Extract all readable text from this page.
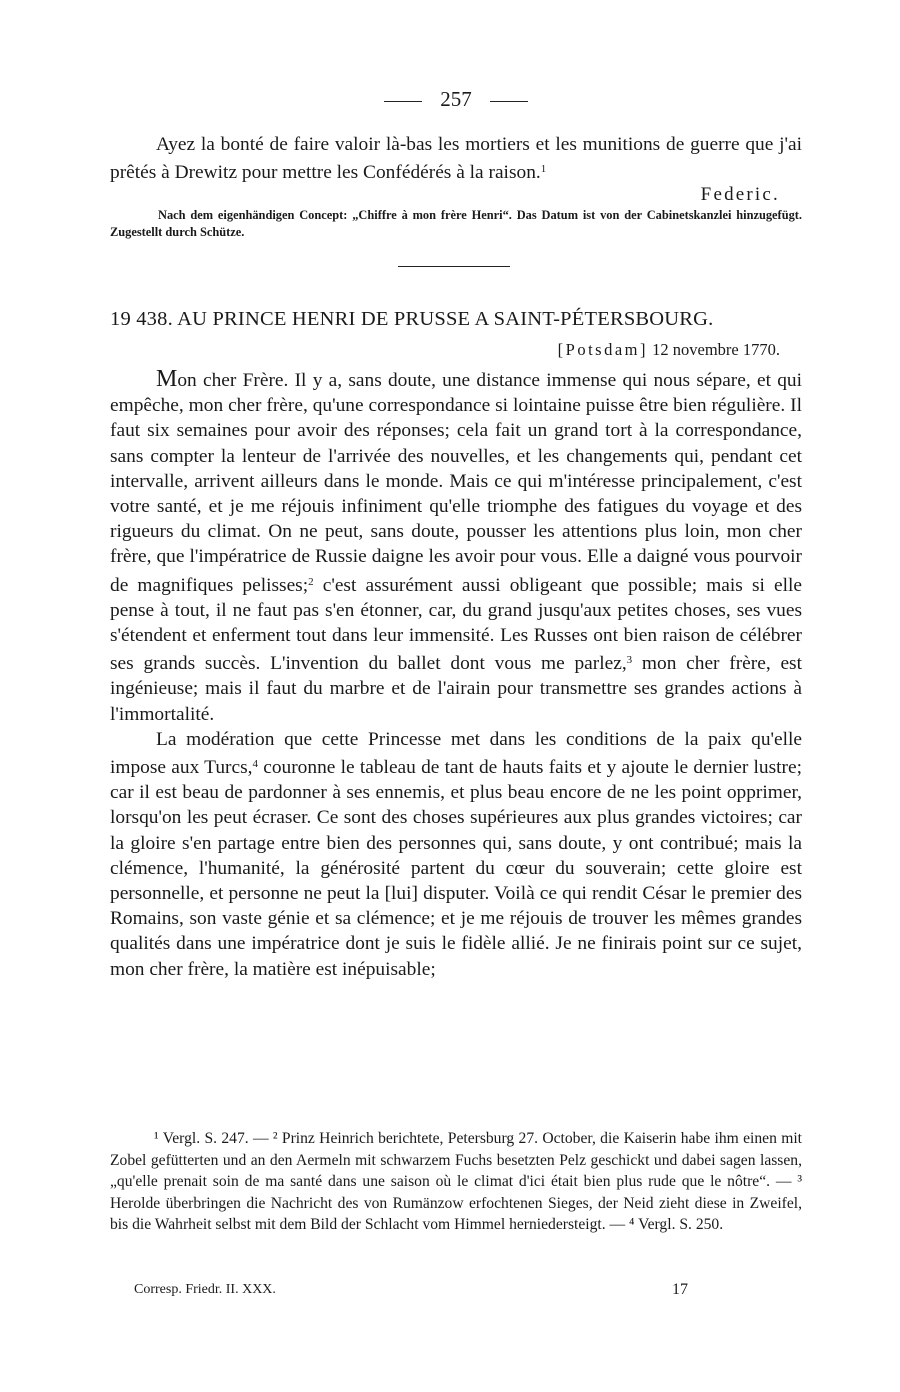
257

Ayez la bonté de faire valoir là-bas les mortiers et les munitions de guerre que j'ai prêtés à Drewitz pour mettre les Confédérés à la raison.$^1$

Federic.
Nach dem eigenhändigen Concept: „Chiffre à mon frère Henri“. Das Datum ist von der Cabinetskanzlei hinzugefügt. Zugestellt durch Schütze.
19 438. AU PRINCE HENRI DE PRUSSE A SAINT-PÉTERSBOURG.
[Potsdam] 12 novembre 1770.

Mon cher Frère. Il y a, sans doute, une distance immense qui nous sépare, et qui empêche, mon cher frère, qu'une correspondance si lointaine puisse être bien régulière. Il faut six semaines pour avoir des réponses; cela fait un grand tort à la correspondance, sans compter la lenteur de l'arrivée des nouvelles, et les changements qui, pendant cet intervalle, arrivent ailleurs dans le monde. Mais ce qui m'intéresse principalement, c'est votre santé, et je me réjouis infiniment qu'elle triomphe des fatigues du voyage et des rigueurs du climat. On ne peut, sans doute, pousser les attentions plus loin, mon cher frère, que l'impératrice de Russie daigne les avoir pour vous. Elle a daigné vous pourvoir de magnifiques pelisses;$^2$ c'est assurément aussi obligeant que possible; mais si elle pense à tout, il ne faut pas s'en étonner, car, du grand jusqu'aux petites choses, ses vues s'étendent et enferment tout dans leur immensité. Les Russes ont bien raison de célébrer ses grands succès. L'invention du ballet dont vous me parlez,$^3$ mon cher frère, est ingénieuse; mais il faut du marbre et de l'airain pour transmettre ses grandes actions à l'immortalité.

La modération que cette Princesse met dans les conditions de la paix qu'elle impose aux Turcs,$^4$ couronne le tableau de tant de hauts faits et y ajoute le dernier lustre; car il est beau de pardonner à ses ennemis, et plus beau encore de ne les point opprimer, lorsqu'on les peut écraser. Ce sont des choses supérieures aux plus grandes victoires; car la gloire s'en partage entre bien des personnes qui, sans doute, y ont contribué; mais la clémence, l'humanité, la générosité partent du cœur du souverain; cette gloire est personnelle, et personne ne peut la [lui] disputer. Voilà ce qui rendit César le premier des Romains, son vaste génie et sa clémence; et je me réjouis de trouver les mêmes grandes qualités dans une impératrice dont je suis le fidèle allié. Je ne finirais point sur ce sujet, mon cher frère, la matière est inépuisable;

¹ Vergl. S. 247. — ² Prinz Heinrich berichtete, Petersburg 27. October, die Kaiserin habe ihm einen mit Zobel gefütterten und an den Aermeln mit schwarzem Fuchs besetzten Pelz geschickt und dabei sagen lassen, „qu'elle prenait soin de ma santé dans une saison où le climat d'ici était bien plus rude que le nôtre“. — ³ Herolde überbringen die Nachricht des von Rumänzow erfochtenen Sieges, der Neid zieht diese in Zweifel, bis die Wahrheit selbst mit dem Bild der Schlacht vom Himmel herniedersteigt. — ⁴ Vergl. S. 250.

Corresp. Friedr. II. XXX.	17
